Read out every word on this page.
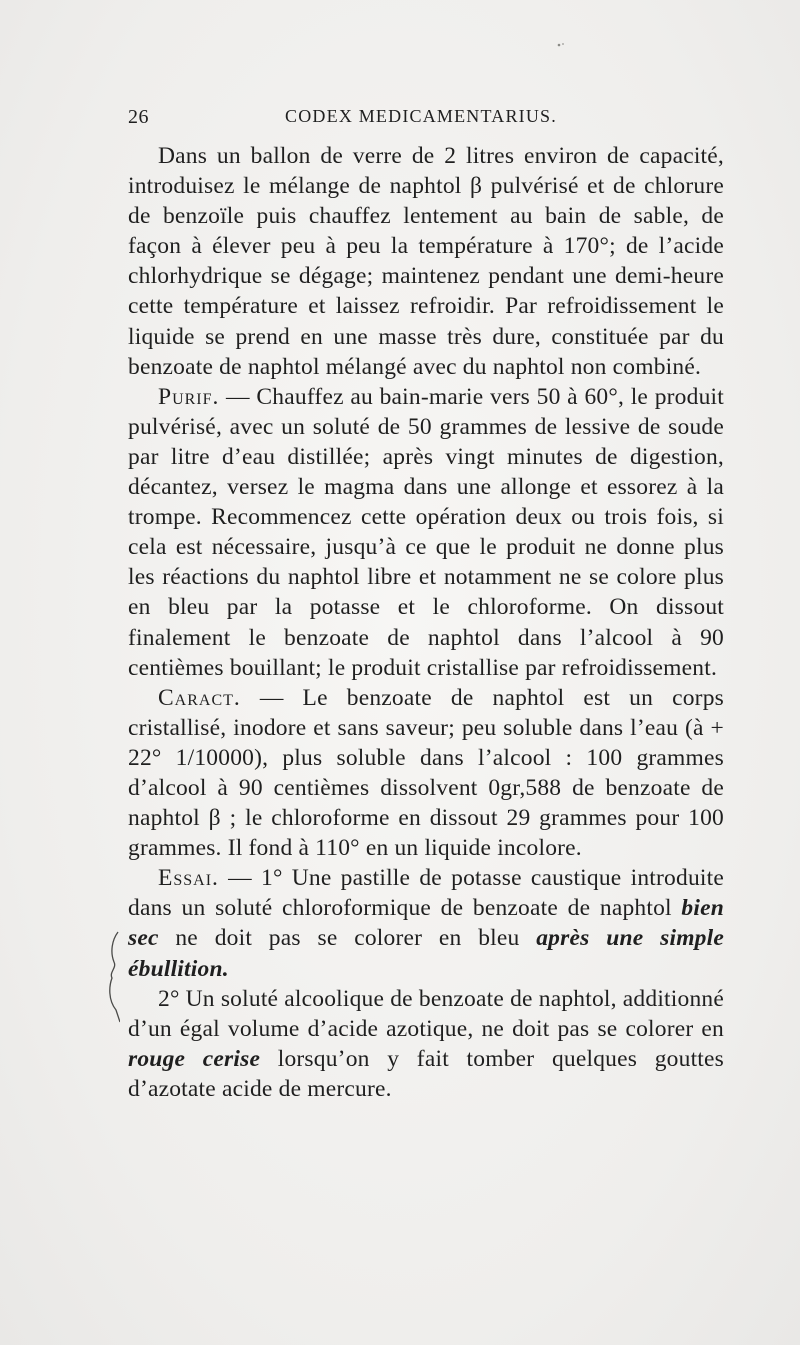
26	CODEX MEDICAMENTARIUS.

Dans un ballon de verre de 2 litres environ de capacité, introduisez le mélange de naphtol β pulvérisé et de chlorure de benzoïle puis chauffez lentement au bain de sable, de façon à élever peu à peu la température à 170°; de l’acide chlorhydrique se dégage; maintenez pendant une demi-heure cette température et laissez refroidir. Par refroidissement le liquide se prend en une masse très dure, constituée par du benzoate de naphtol mélangé avec du naphtol non combiné.

Purif. — Chauffez au bain-marie vers 50 à 60°, le produit pulvérisé, avec un soluté de 50 grammes de lessive de soude par litre d’eau distillée; après vingt minutes de digestion, décantez, versez le magma dans une allonge et essorez à la trompe. Recommencez cette opération deux ou trois fois, si cela est nécessaire, jusqu’à ce que le produit ne donne plus les réactions du naphtol libre et notamment ne se colore plus en bleu par la potasse et le chloroforme. On dissout finalement le benzoate de naphtol dans l’alcool à 90 centièmes bouillant; le produit cristallise par refroidissement.

Caract. — Le benzoate de naphtol est un corps cristallisé, inodore et sans saveur; peu soluble dans l’eau (à + 22° 1/10000), plus soluble dans l’alcool : 100 grammes d’alcool à 90 centièmes dissolvent 0gr,588 de benzoate de naphtol β ; le chloroforme en dissout 29 grammes pour 100 grammes. Il fond à 110° en un liquide incolore.

Essai. — 1° Une pastille de potasse caustique introduite dans un soluté chloroformique de benzoate de naphtol bien sec ne doit pas se colorer en bleu après une simple ébullition.

2° Un soluté alcoolique de benzoate de naphtol, additionné d’un égal volume d’acide azotique, ne doit pas se colorer en rouge cerise lorsqu’on y fait tomber quelques gouttes d’azotate acide de mercure.
